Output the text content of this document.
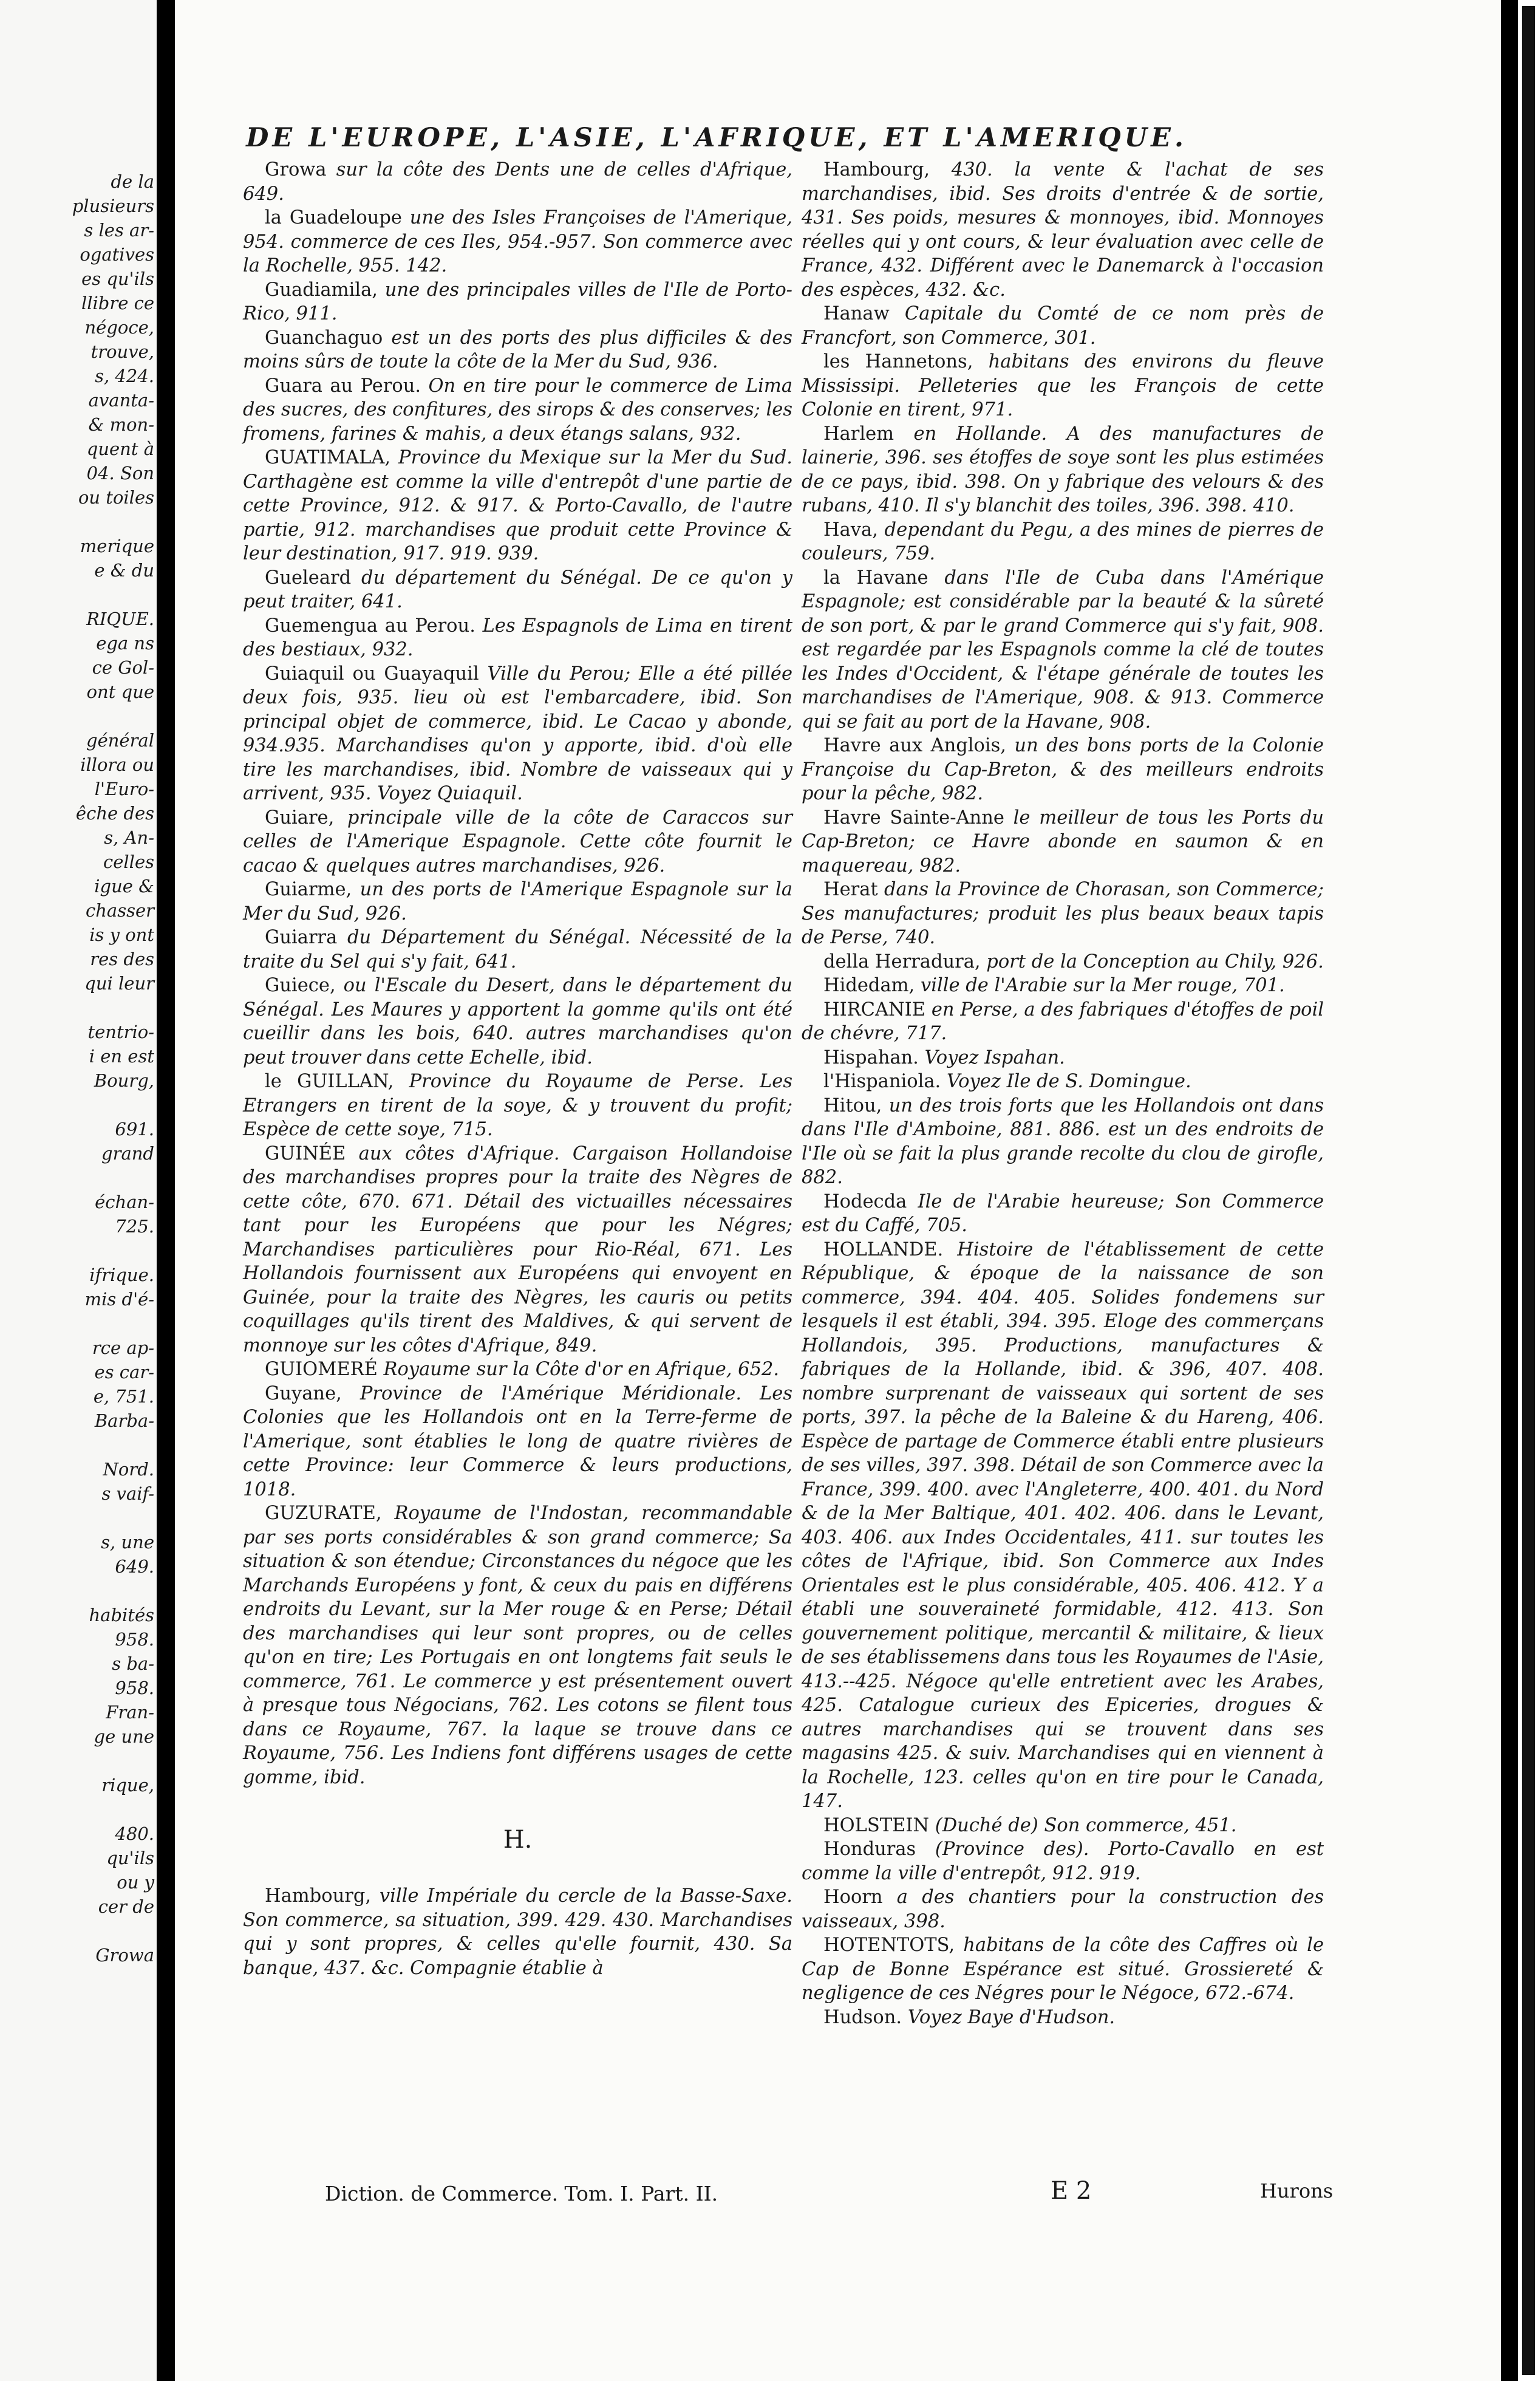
de la
plusieurs
s les ar-
ogatives
es qu'ils
llibre ce
négoce,
trouve,
s, 424.
avanta-
& mon-
quent à
04. Son
ou toiles
merique
e & du
RIQUE.
ega ns
ce Gol-
ont que
général
illora ou
l'Euro-
êche des
s, An-
celles
igue &
chasser
is y ont
res des
qui leur
tentrio-
i en est
Bourg,
691.
grand
échan-
725.
ifrique.
mis d'é-
rce ap-
es car-
e, 751.
Barba-
Nord.
s vaif-
s, une
649.
habités
958.
s ba-
958.
Fran-
ge une
rique,
480.
qu'ils
ou y
cer de
Growa
DE L'EUROPE, L'ASIE, L'AFRIQUE, ET L'AMERIQUE.

Growa sur la côte des Dents une de celles d'Afrique, 649.

la Guadeloupe une des Isles Françoises de l'Amerique, 954. commerce de ces Iles, 954.-957. Son commerce avec la Rochelle, 955. 142.

Guadiamila, une des principales villes de l'Ile de Porto-Rico, 911.

Guanchaguo est un des ports des plus difficiles & des moins sûrs de toute la côte de la Mer du Sud, 936.

Guara au Perou. On en tire pour le commerce de Lima des sucres, des confitures, des sirops & des conserves; les fromens, farines & mahis, a deux étangs salans, 932.

GUATIMALA, Province du Mexique sur la Mer du Sud. Carthagène est comme la ville d'entrepôt d'une partie de cette Province, 912. & 917. & Porto-Cavallo, de l'autre partie, 912. marchandises que produit cette Province & leur destination, 917. 919. 939.

Gueleard du département du Sénégal. De ce qu'on y peut traiter, 641.

Guemengua au Perou. Les Espagnols de Lima en tirent des bestiaux, 932.

Guiaquil ou Guayaquil Ville du Perou; Elle a été pillée deux fois, 935. lieu où est l'embarcadere, ibid. Son principal objet de commerce, ibid. Le Cacao y abonde, 934.935. Marchandises qu'on y apporte, ibid. d'où elle tire les marchandises, ibid. Nombre de vaisseaux qui y arrivent, 935. Voyez Quiaquil.

Guiare, principale ville de la côte de Caraccos sur celles de l'Amerique Espagnole. Cette côte fournit le cacao & quelques autres marchandises, 926.

Guiarme, un des ports de l'Amerique Espagnole sur la Mer du Sud, 926.

Guiarra du Département du Sénégal. Nécessité de la traite du Sel qui s'y fait, 641.

Guiece, ou l'Escale du Desert, dans le département du Sénégal. Les Maures y apportent la gomme qu'ils ont été cueillir dans les bois, 640. autres marchandises qu'on peut trouver dans cette Echelle, ibid.

le GUILLAN, Province du Royaume de Perse. Les Etrangers en tirent de la soye, & y trouvent du profit; Espèce de cette soye, 715.

GUINÉE aux côtes d'Afrique. Cargaison Hollandoise des marchandises propres pour la traite des Nègres de cette côte, 670. 671. Détail des victuailles nécessaires tant pour les Européens que pour les Négres; Marchandises particulières pour Rio-Réal, 671. Les Hollandois fournissent aux Européens qui envoyent en Guinée, pour la traite des Nègres, les cauris ou petits coquillages qu'ils tirent des Maldives, & qui servent de monnoye sur les côtes d'Afrique, 849.

GUIOMERÉ Royaume sur la Côte d'or en Afrique, 652.

Guyane, Province de l'Amérique Méridionale. Les Colonies que les Hollandois ont en la Terre-ferme de l'Amerique, sont établies le long de quatre rivières de cette Province: leur Commerce & leurs productions, 1018.

GUZURATE, Royaume de l'Indostan, recommandable par ses ports considérables & son grand commerce; Sa situation & son étendue; Circonstances du négoce que les Marchands Européens y font, & ceux du pais en différens endroits du Levant, sur la Mer rouge & en Perse; Détail des marchandises qui leur sont propres, ou de celles qu'on en tire; Les Portugais en ont longtems fait seuls le commerce, 761. Le commerce y est présentement ouvert à presque tous Négocians, 762. Les cotons se filent tous dans ce Royaume, 767. la laque se trouve dans ce Royaume, 756. Les Indiens font différens usages de cette gomme, ibid.

H.

Hambourg, ville Impériale du cercle de la Basse-Saxe. Son commerce, sa situation, 399. 429. 430. Marchandises qui y sont propres, & celles qu'elle fournit, 430. Sa banque, 437. &c. Compagnie établie à

Hambourg, 430. la vente & l'achat de ses marchandises, ibid. Ses droits d'entrée & de sortie, 431. Ses poids, mesures & monnoyes, ibid. Monnoyes réelles qui y ont cours, & leur évaluation avec celle de France, 432. Différent avec le Danemarck à l'occasion des espèces, 432. &c.

Hanaw Capitale du Comté de ce nom près de Francfort, son Commerce, 301.

les Hannetons, habitans des environs du fleuve Mississipi. Pelleteries que les François de cette Colonie en tirent, 971.

Harlem en Hollande. A des manufactures de lainerie, 396. ses étoffes de soye sont les plus estimées de ce pays, ibid. 398. On y fabrique des velours & des rubans, 410. Il s'y blanchit des toiles, 396. 398. 410.

Hava, dependant du Pegu, a des mines de pierres de couleurs, 759.

la Havane dans l'Ile de Cuba dans l'Amérique Espagnole; est considérable par la beauté & la sûreté de son port, & par le grand Commerce qui s'y fait, 908. est regardée par les Espagnols comme la clé de toutes les Indes d'Occident, & l'étape générale de toutes les marchandises de l'Amerique, 908. & 913. Commerce qui se fait au port de la Havane, 908.

Havre aux Anglois, un des bons ports de la Colonie Françoise du Cap-Breton, & des meilleurs endroits pour la pêche, 982.

Havre Sainte-Anne le meilleur de tous les Ports du Cap-Breton; ce Havre abonde en saumon & en maquereau, 982.

Herat dans la Province de Chorasan, son Commerce; Ses manufactures; produit les plus beaux beaux tapis de Perse, 740.

della Herradura, port de la Conception au Chily, 926.

Hidedam, ville de l'Arabie sur la Mer rouge, 701.

HIRCANIE en Perse, a des fabriques d'étoffes de poil de chévre, 717.

Hispahan. Voyez Ispahan.

l'Hispaniola. Voyez Ile de S. Domingue.

Hitou, un des trois forts que les Hollandois ont dans dans l'Ile d'Amboine, 881. 886. est un des endroits de l'Ile où se fait la plus grande recolte du clou de girofle, 882.

Hodecda Ile de l'Arabie heureuse; Son Commerce est du Caffé, 705.

HOLLANDE. Histoire de l'établissement de cette République, & époque de la naissance de son commerce, 394. 404. 405. Solides fondemens sur lesquels il est établi, 394. 395. Eloge des commerçans Hollandois, 395. Productions, manufactures & fabriques de la Hollande, ibid. & 396, 407. 408. nombre surprenant de vaisseaux qui sortent de ses ports, 397. la pêche de la Baleine & du Hareng, 406. Espèce de partage de Commerce établi entre plusieurs de ses villes, 397. 398. Détail de son Commerce avec la France, 399. 400. avec l'Angleterre, 400. 401. du Nord & de la Mer Baltique, 401. 402. 406. dans le Levant, 403. 406. aux Indes Occidentales, 411. sur toutes les côtes de l'Afrique, ibid. Son Commerce aux Indes Orientales est le plus considérable, 405. 406. 412. Y a établi une souveraineté formidable, 412. 413. Son gouvernement politique, mercantil & militaire, & lieux de ses établissemens dans tous les Royaumes de l'Asie, 413.--425. Négoce qu'elle entretient avec les Arabes, 425. Catalogue curieux des Epiceries, drogues & autres marchandises qui se trouvent dans ses magasins 425. & suiv. Marchandises qui en viennent à la Rochelle, 123. celles qu'on en tire pour le Canada, 147.

HOLSTEIN (Duché de) Son commerce, 451.

Honduras (Province des). Porto-Cavallo en est comme la ville d'entrepôt, 912. 919.

Hoorn a des chantiers pour la construction des vaisseaux, 398.

HOTENTOTS, habitans de la côte des Caffres où le Cap de Bonne Espérance est situé. Grossiereté & negligence de ces Négres pour le Négoce, 672.-674.

Hudson. Voyez Baye d'Hudson.

Diction. de Commerce. Tom. I. Part. II.	E 2	Hurons
